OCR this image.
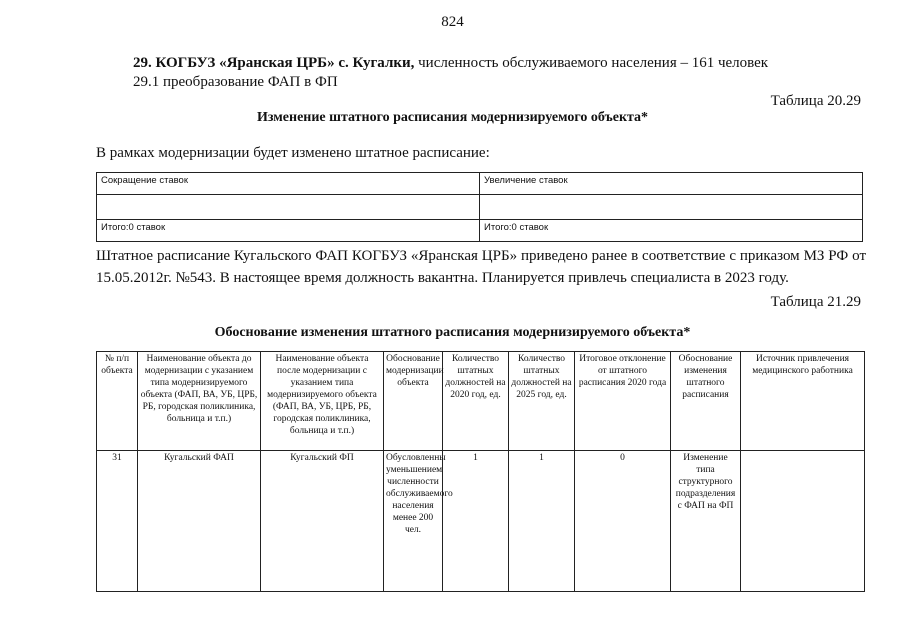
824
29. КОГБУЗ «Яранская ЦРБ» с. Кугалки, численность обслуживаемого населения – 161 человек
29.1 преобразование ФАП в ФП
Таблица 20.29
Изменение штатного расписания модернизируемого объекта*
В рамках модернизации будет изменено штатное расписание:
Сокращение ставок	Увеличение ставок

Итого:0 ставок	Итого:0 ставок
Штатное расписание Кугальского ФАП КОГБУЗ «Яранская ЦРБ» приведено ранее в соответствие с приказом МЗ РФ от 15.05.2012г. №543. В настоящее время должность вакантна. Планируется привлечь специалиста в 2023 году.
Таблица 21.29
Обоснование изменения штатного расписания модернизируемого объекта*
№ п/п объекта	Наименование объекта до модернизации с указанием типа модернизируемого объекта (ФАП, ВА, УБ, ЦРБ, РБ, городская поликлиника, больница и т.п.)	Наименование объекта после модернизации с указанием типа модернизируемого объекта (ФАП, ВА, УБ, ЦРБ, РБ, городская поликлиника, больница и т.п.)	Обоснование модернизации объекта	Количество штатных должностей на 2020 год, ед.	Количество штатных должностей на 2025 год, ед.	Итоговое отклонение от штатного расписания 2020 года	Обоснование изменения штатного расписания	Источник привлечения медицинского работника
31	Кугальский ФАП	Кугальский ФП	Обусловленны уменьшением численности обслуживаемого населения менее 200 чел.	1	1	0	Изменение типа структурного подразделения с ФАП на ФП	
